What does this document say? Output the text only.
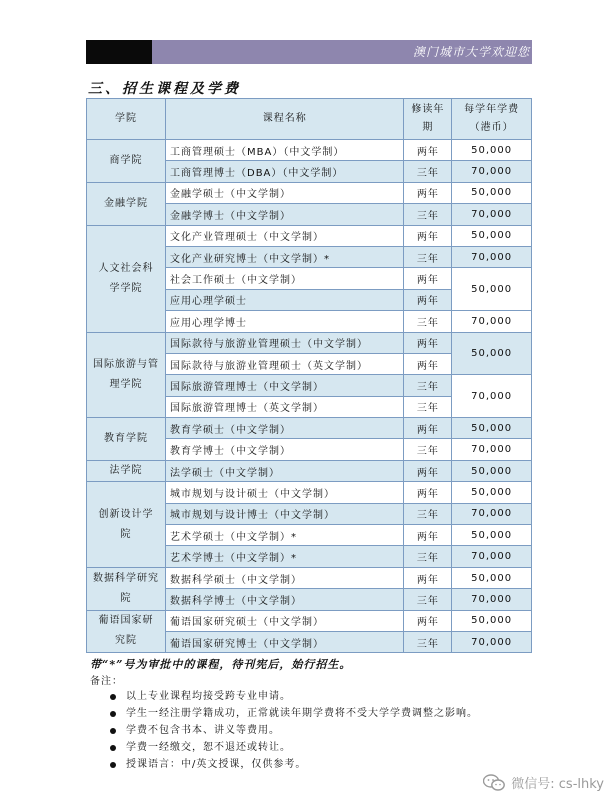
澳门城市大学欢迎您
三、招生课程及学费
学院	课程名称	修读年期	每学年学费（港币）
商学院	工商管理硕士（MBA）（中文学制）	两年	50,000
	工商管理博士（DBA）（中文学制）	三年	70,000
金融学院	金融学硕士（中文学制）	两年	50,000
	金融学博士（中文学制）	三年	70,000
人文社会科学学院	文化产业管理硕士（中文学制）	两年	50,000
	文化产业研究博士（中文学制）*	三年	70,000
	社会工作硕士（中文学制）	两年	50,000
	应用心理学硕士	两年	
	应用心理学博士	三年	70,000
国际旅游与管理学院	国际款待与旅游业管理硕士（中文学制）	两年	50,000
	国际款待与旅游业管理硕士（英文学制）	两年	
	国际旅游管理博士（中文学制）	三年	70,000
	国际旅游管理博士（英文学制）	三年	
教育学院	教育学硕士（中文学制）	两年	50,000
	教育学博士（中文学制）	三年	70,000
法学院	法学硕士（中文学制）	两年	50,000
创新设计学院	城市规划与设计硕士（中文学制）	两年	50,000
	城市规划与设计博士（中文学制）	三年	70,000
	艺术学硕士（中文学制）*	两年	50,000
	艺术学博士（中文学制）*	三年	70,000
数据科学研究院	数据科学硕士（中文学制）	两年	50,000
	数据科学博士（中文学制）	三年	70,000
葡语国家研究院	葡语国家研究硕士（中文学制）	两年	50,000
	葡语国家研究博士（中文学制）	三年	70,000
带“*”号为审批中的课程，待刊宪后，始行招生。
备注：
以上专业课程均接受跨专业申请。
学生一经注册学籍成功，正常就读年期学费将不受大学学费调整之影响。
学费不包含书本、讲义等费用。
学费一经缴交，恕不退还或转让。
授课语言：中/英文授课，仅供参考。
微信号: cs-lhky
